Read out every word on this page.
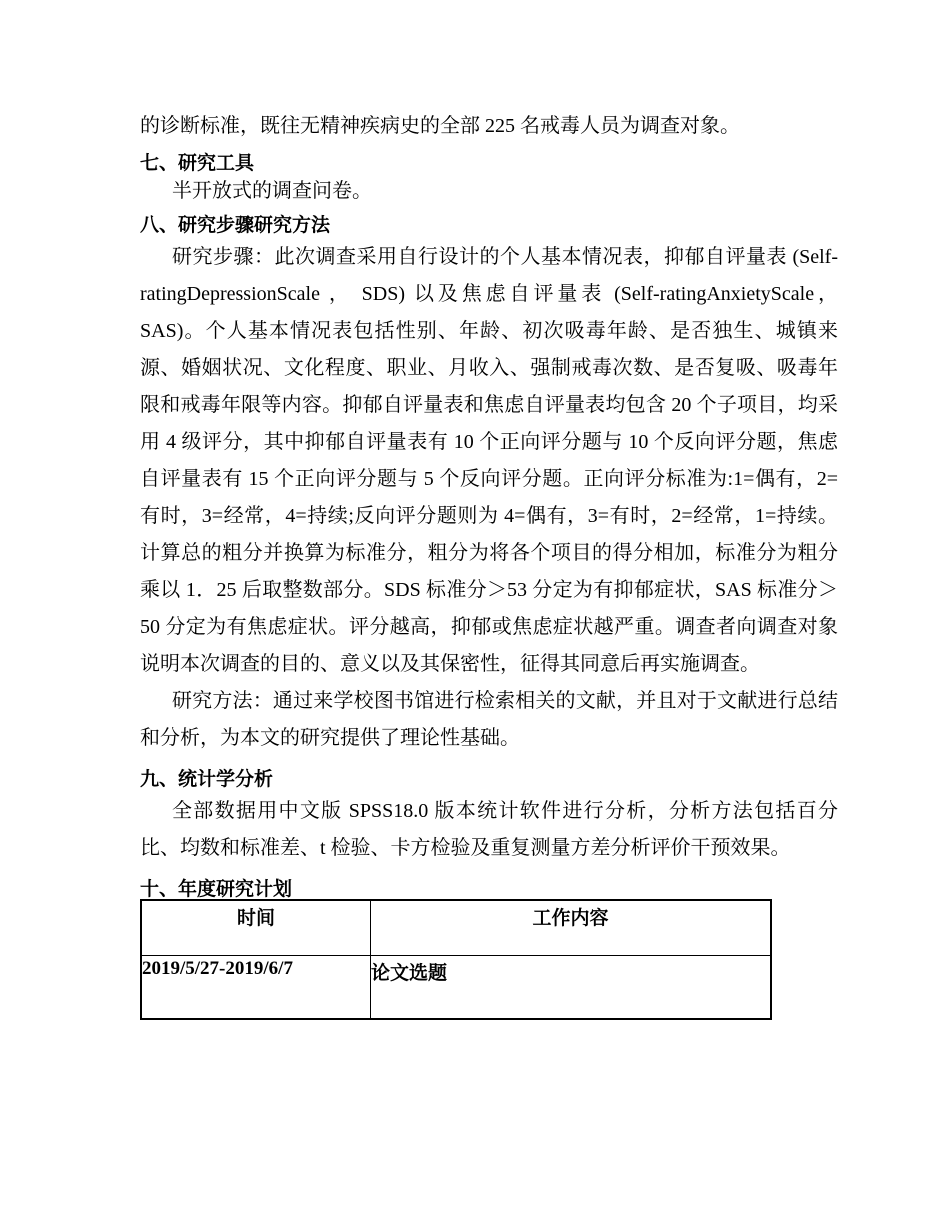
的诊断标准，既往无精神疾病史的全部 225 名戒毒人员为调查对象。

七、研究工具

半开放式的调查问卷。

八、研究步骤研究方法

研究步骤：此次调查采用自行设计的个人基本情况表，抑郁自评量表 (Self-ratingDepressionScale ， SDS) 以及焦虑自评量表 (Self-ratingAnxietyScale，SAS)。个人基本情况表包括性别、年龄、初次吸毒年龄、是否独生、城镇来源、婚姻状况、文化程度、职业、月收入、强制戒毒次数、是否复吸、吸毒年限和戒毒年限等内容。抑郁自评量表和焦虑自评量表均包含 20 个子项目，均采用 4 级评分，其中抑郁自评量表有 10 个正向评分题与 10 个反向评分题，焦虑自评量表有 15 个正向评分题与 5 个反向评分题。正向评分标准为:1=偶有，2=有时，3=经常，4=持续;反向评分题则为 4=偶有，3=有时，2=经常，1=持续。计算总的粗分并换算为标准分，粗分为将各个项目的得分相加，标准分为粗分乘以 1．25 后取整数部分。SDS 标准分＞53 分定为有抑郁症状，SAS 标准分＞50 分定为有焦虑症状。评分越高，抑郁或焦虑症状越严重。调查者向调查对象说明本次调查的目的、意义以及其保密性，征得其同意后再实施调查。

研究方法：通过来学校图书馆进行检索相关的文献，并且对于文献进行总结和分析，为本文的研究提供了理论性基础。

九、统计学分析

全部数据用中文版 SPSS18.0 版本统计软件进行分析，分析方法包括百分比、均数和标准差、t 检验、卡方检验及重复测量方差分析评价干预效果。

十、年度研究计划

时间	工作内容
2019/5/27-2019/6/7	论文选题
